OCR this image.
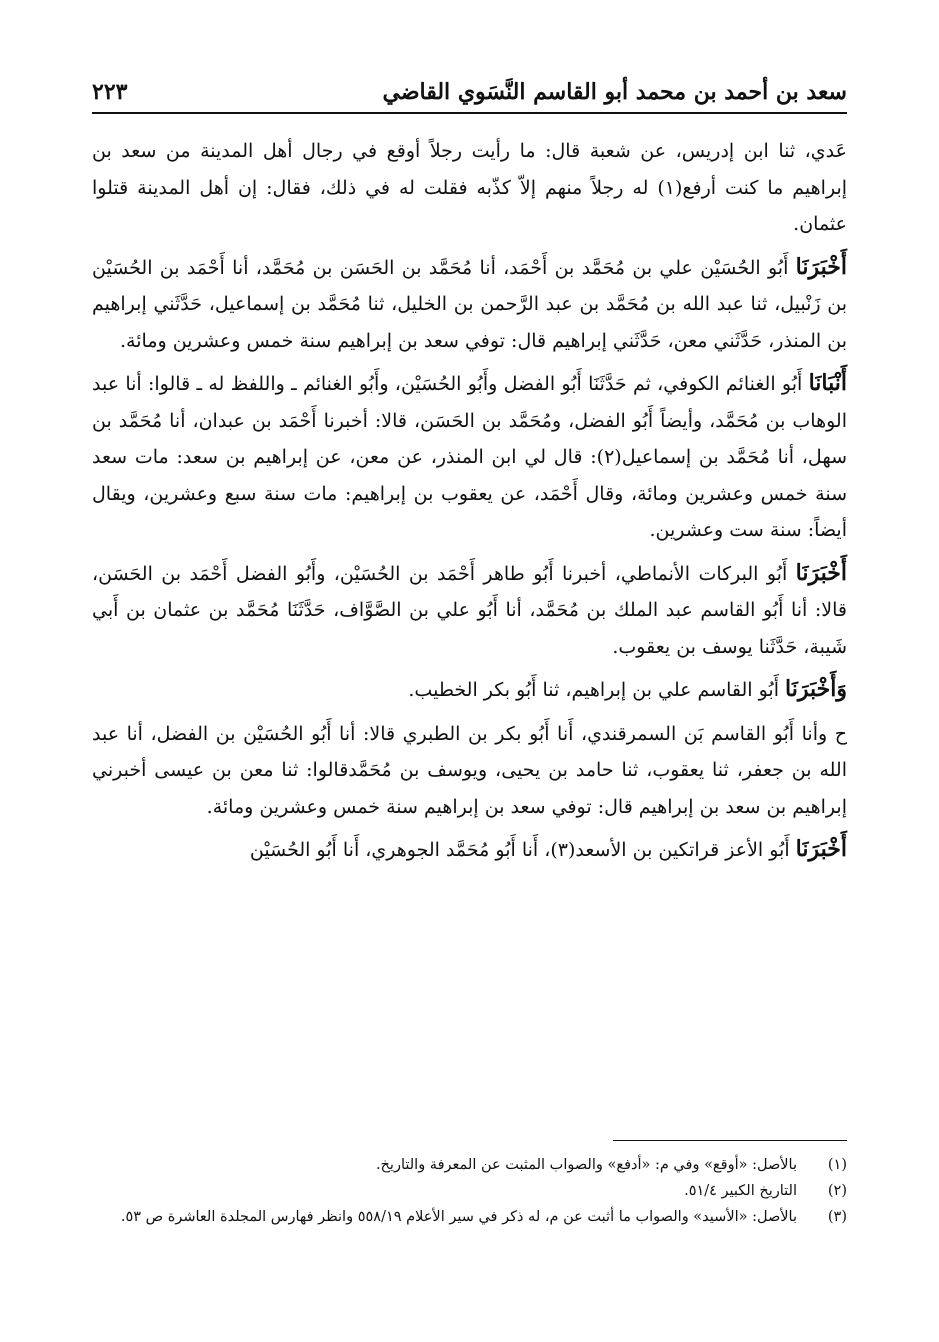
سعد بن أحمد بن محمد أبو القاسم النَّسَوي القاضي
٢٢٣

عَدي، ثنا ابن إدريس، عن شعبة قال: ما رأيت رجلاً أوقع في رجال أهل المدينة من سعد بن إبراهيم ما كنت أرفع(١) له رجلاً منهم إلاّ كذّبه فقلت له في ذلك، فقال: إن أهل المدينة قتلوا عثمان.

أَخْبَرَنَا أَبُو الحُسَيْن علي بن مُحَمَّد بن أَحْمَد، أنا مُحَمَّد بن الحَسَن بن مُحَمَّد، أنا أَحْمَد بن الحُسَيْن بن زَنْبيل، ثنا عبد الله بن مُحَمَّد بن عبد الرَّحمن بن الخليل، ثنا مُحَمَّد بن إسماعيل، حَدَّثَني إبراهيم بن المنذر، حَدَّثَني معن، حَدَّثَني إبراهيم قال: توفي سعد بن إبراهيم سنة خمس وعشرين ومائة.

أَنْبَانَا أَبُو الغنائم الكوفي، ثم حَدَّثَنَا أَبُو الفضل وأَبُو الحُسَيْن، وأَبُو الغنائم ـ واللفظ له ـ قالوا: أنا عبد الوهاب بن مُحَمَّد، وأيضاً أَبُو الفضل، ومُحَمَّد بن الحَسَن، قالا: أخبرنا أَحْمَد بن عبدان، أنا مُحَمَّد بن سهل، أنا مُحَمَّد بن إسماعيل(٢): قال لي ابن المنذر، عن معن، عن إبراهيم بن سعد: مات سعد سنة خمس وعشرين ومائة، وقال أَحْمَد، عن يعقوب بن إبراهيم: مات سنة سبع وعشرين، ويقال أيضاً: سنة ست وعشرين.

أَخْبَرَنَا أَبُو البركات الأنماطي، أخبرنا أَبُو طاهر أَحْمَد بن الحُسَيْن، وأَبُو الفضل أَحْمَد بن الحَسَن، قالا: أنا أَبُو القاسم عبد الملك بن مُحَمَّد، أنا أَبُو علي بن الصَّوَّاف، حَدَّثَنَا مُحَمَّد بن عثمان بن أَبي شَيبة، حَدَّثَنا يوسف بن يعقوب.

وَأَخْبَرَنَا أَبُو القاسم علي بن إبراهيم، ثنا أَبُو بكر الخطيب.

ح وأنا أَبُو القاسم بَن السمرقندي، أَنا أَبُو بكر بن الطبري قالا: أنا أَبُو الحُسَيْن بن الفضل، أنا عبد الله بن جعفر، ثنا يعقوب، ثنا حامد بن يحيى، ويوسف بن مُحَمَّدقالوا: ثنا معن بن عيسى أخبرني إبراهيم بن سعد بن إبراهيم قال: توفي سعد بن إبراهيم سنة خمس وعشرين ومائة.

أَخْبَرَنَا أَبُو الأعز قراتكين بن الأسعد(٣)، أَنا أَبُو مُحَمَّد الجوهري، أَنا أَبُو الحُسَيْن

(١)
بالأصل: «أوقع» وفي م: «أدفع» والصواب المثبت عن المعرفة والتاريخ.
(٢)
التاريخ الكبير ٥١/٤.
(٣)
بالأصل: «الأسيد» والصواب ما أثبت عن م، له ذكر في سير الأعلام ٥٥٨/١٩ وانظر فهارس المجلدة العاشرة ص ٥٣.
